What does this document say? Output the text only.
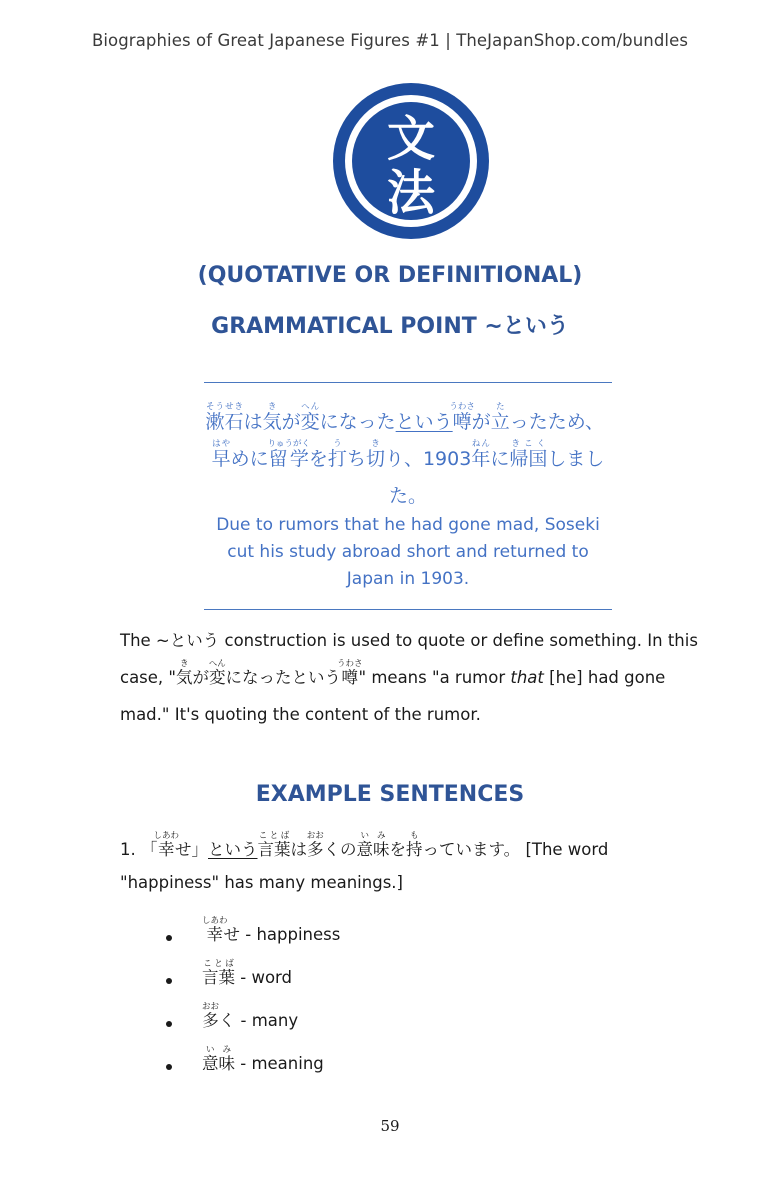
Biographies of Great Japanese Figures #1 | TheJapanShop.com/bundles
文
法
(QUOTATIVE OR DEFINITIONAL)
GRAMMATICAL POINT ~という
漱石そうせきは気きが変へんになったという噂うわさが立たったため、早はやめに留学りゅうがくを打うち切きり、1903年ねんに帰国きこくしました。
Due to rumors that he had gone mad, Soseki cut his study abroad short and returned to Japan in 1903.
The ~という construction is used to quote or define something. In this case, "気きが変へんになったという噂うわさ" means "a rumor that [he] had gone mad." It's quoting the content of the rumor.
EXAMPLE SENTENCES
1. 「幸しあわせ」という言葉ことばは多おおくの意味いみを持もっています。 [The word "happiness" has many meanings.]
幸しあわせ - happiness
言葉ことば - word
多おおく - many
意味いみ - meaning
59
